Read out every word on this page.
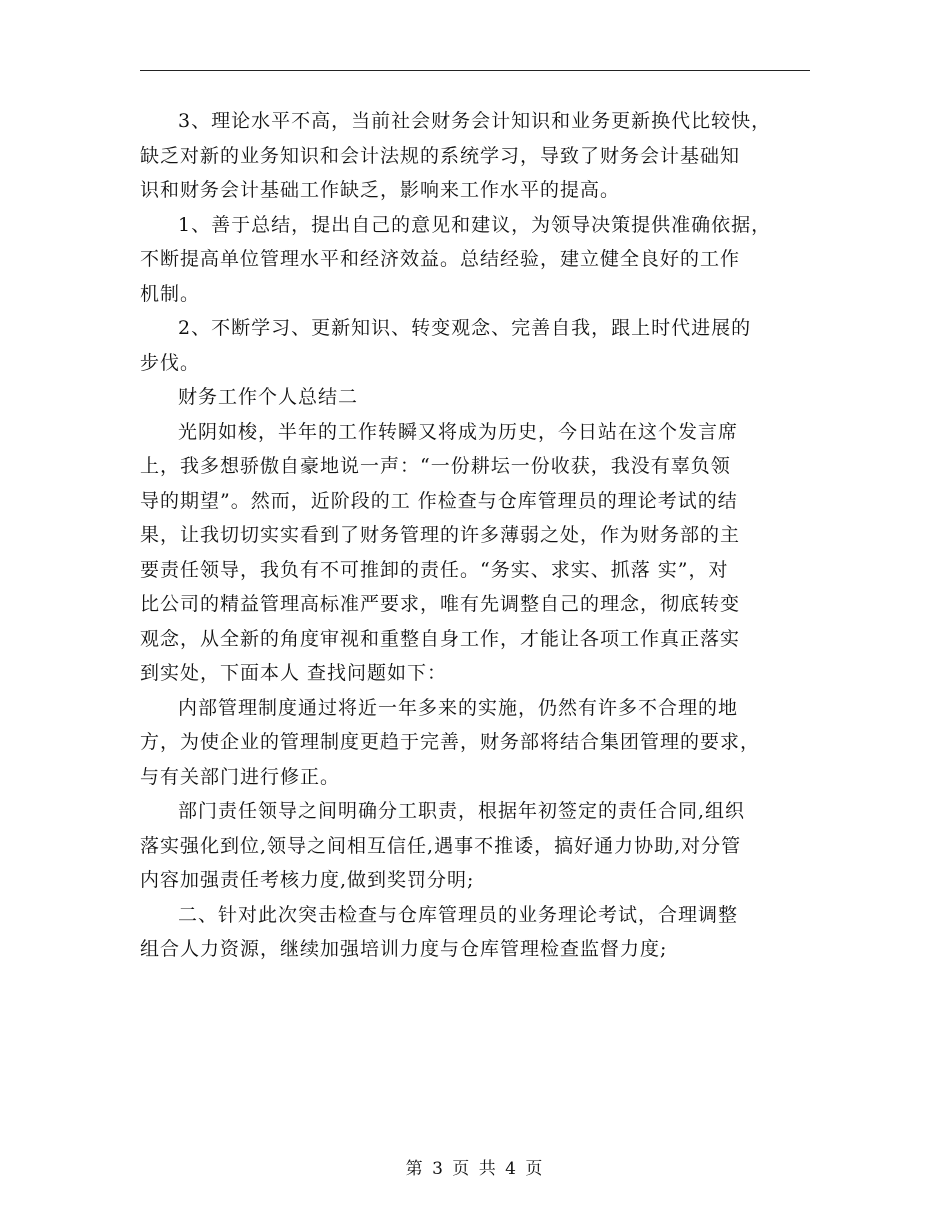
3、理论水平不高，当前社会财务会计知识和业务更新换代比较快，
缺乏对新的业务知识和会计法规的系统学习，导致了财务会计基础知
识和财务会计基础工作缺乏，影响来工作水平的提高。

1、善于总结，提出自己的意见和建议，为领导决策提供准确依据，
不断提高单位管理水平和经济效益。总结经验，建立健全良好的工作
机制。

2、不断学习、更新知识、转变观念、完善自我，跟上时代进展的
步伐。

财务工作个人总结二

光阴如梭，半年的工作转瞬又将成为历史，今日站在这个发言席
上，我多想骄傲自豪地说一声：“一份耕坛一份收获，我没有辜负领
导的期望”。然而，近阶段的工 作检查与仓库管理员的理论考试的结
果，让我切切实实看到了财务管理的许多薄弱之处，作为财务部的主
要责任领导，我负有不可推卸的责任。“务实、求实、抓落 实”，对
比公司的精益管理高标准严要求，唯有先调整自己的理念，彻底转变
观念，从全新的角度审视和重整自身工作，才能让各项工作真正落实
到实处，下面本人 查找问题如下：

内部管理制度通过将近一年多来的实施，仍然有许多不合理的地
方，为使企业的管理制度更趋于完善，财务部将结合集团管理的要求，
与有关部门进行修正。

部门责任领导之间明确分工职责，根据年初签定的责任合同,组织
落实强化到位,领导之间相互信任,遇事不推诿，搞好通力协助,对分管
内容加强责任考核力度,做到奖罚分明;

二、针对此次突击检查与仓库管理员的业务理论考试，合理调整
组合人力资源，继续加强培训力度与仓库管理检查监督力度;

第 3 页 共 4 页
